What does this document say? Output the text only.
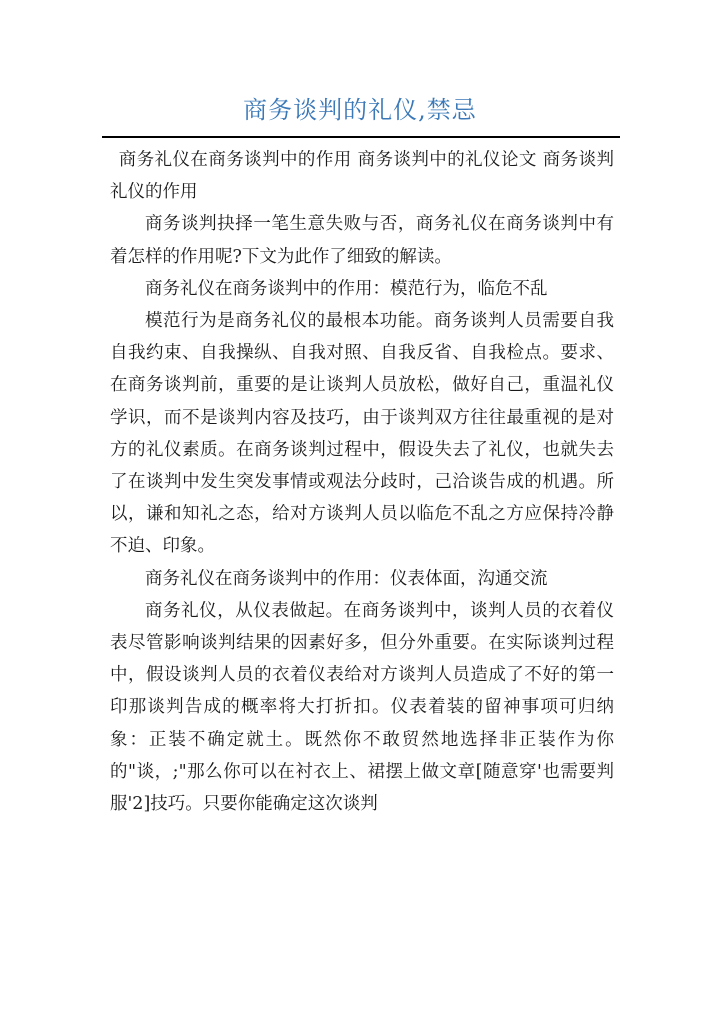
商务谈判的礼仪,禁忌

商务礼仪在商务谈判中的作用 商务谈判中的礼仪论文 商务谈判礼仪的作用

商务谈判抉择一笔生意失败与否，商务礼仪在商务谈判中有着怎样的作用呢?下文为此作了细致的解读。

商务礼仪在商务谈判中的作用：模范行为，临危不乱

模范行为是商务礼仪的最根本功能。商务谈判人员需要自我自我约束、自我操纵、自我对照、自我反省、自我检点。要求、在商务谈判前，重要的是让谈判人员放松，做好自己，重温礼仪学识，而不是谈判内容及技巧，由于谈判双方往往最重视的是对方的礼仪素质。在商务谈判过程中，假设失去了礼仪，也就失去了在谈判中发生突发事情或观法分歧时，己洽谈告成的机遇。所以，谦和知礼之态，给对方谈判人员以临危不乱之方应保持冷静不迫、印象。

商务礼仪在商务谈判中的作用：仪表体面，沟通交流

商务礼仪，从仪表做起。在商务谈判中，谈判人员的衣着仪表尽管影响谈判结果的因素好多，但分外重要。在实际谈判过程中，假设谈判人员的衣着仪表给对方谈判人员造成了不好的第一印那谈判告成的概率将大打折扣。仪表着装的留神事项可归纳象：正装不确定就土。既然你不敢贸然地选择非正装作为你的"谈，;"那么你可以在衬衣上、裙摆上做文章[随意穿'也需要判服'2]技巧。只要你能确定这次谈判
